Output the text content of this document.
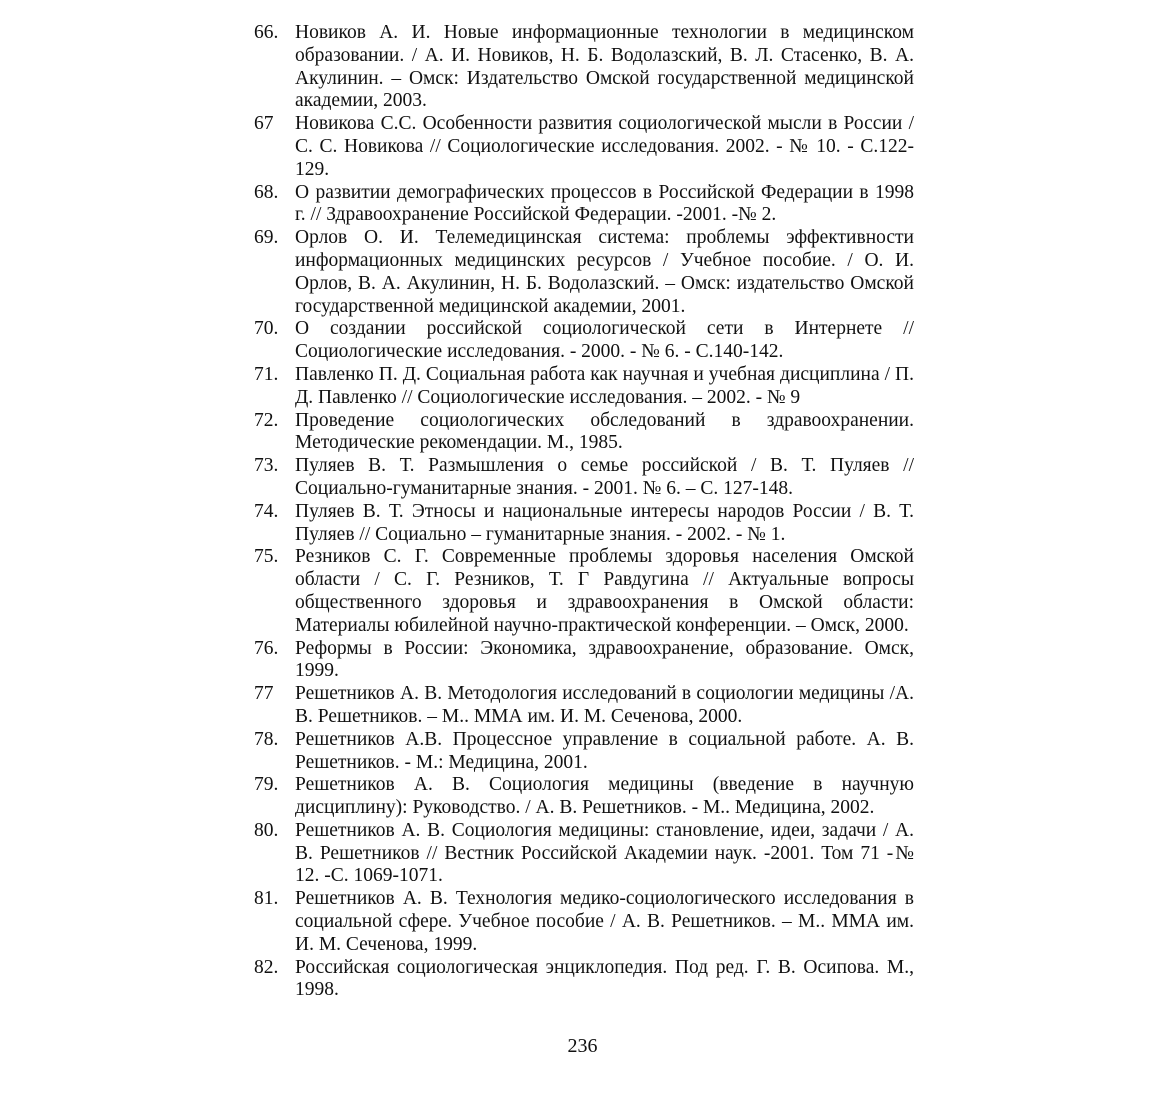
66. Новиков А. И. Новые информационные технологии в медицинском образовании. / А. И. Новиков, Н. Б. Водолазский, В. Л. Стасенко, В. А. Акулинин. – Омск: Издательство Омской государственной медицинской академии, 2003.
67 Новикова С.С. Особенности развития социологической мысли в России / С. С. Новикова // Социологические исследования. 2002. - № 10. - С.122-129.
68. О развитии демографических процессов в Российской Федерации в 1998 г. // Здравоохранение Российской Федерации. -2001. -№ 2.
69. Орлов О. И. Телемедицинская система: проблемы эффективности информационных медицинских ресурсов / Учебное пособие. / О. И. Орлов, В. А. Акулинин, Н. Б. Водолазский. – Омск: издательство Омской государственной медицинской академии, 2001.
70. О создании российской социологической сети в Интернете // Социологические исследования. - 2000. - № 6. - С.140-142.
71. Павленко П. Д. Социальная работа как научная и учебная дисциплина / П. Д. Павленко // Социологические исследования. – 2002. - № 9
72. Проведение социологических обследований в здравоохранении. Методические рекомендации. М., 1985.
73. Пуляев В. Т. Размышления о семье российской / В. Т. Пуляев // Социально-гуманитарные знания. - 2001. № 6. – С. 127-148.
74. Пуляев В. Т. Этносы и национальные интересы народов России / В. Т. Пуляев // Социально – гуманитарные знания. - 2002. - № 1.
75. Резников С. Г. Современные проблемы здоровья населения Омской области / С. Г. Резников, Т. Г Равдугина // Актуальные вопросы общественного здоровья и здравоохранения в Омской области: Материалы юбилейной научно-практической конференции. – Омск, 2000.
76. Реформы в России: Экономика, здравоохранение, образование. Омск, 1999.
77 Решетников А. В. Методология исследований в социологии медицины /А. В. Решетников. – М.. ММА им. И. М. Сеченова, 2000.
78. Решетников А.В. Процессное управление в социальной работе. А. В. Решетников. - М.: Медицина, 2001.
79. Решетников А. В. Социология медицины (введение в научную дисциплину): Руководство. / А. В. Решетников. - М.. Медицина, 2002.
80. Решетников А. В. Социология медицины: становление, идеи, задачи / А. В. Решетников // Вестник Российской Академии наук. -2001. Том 71 -№ 12. -С. 1069-1071.
81. Решетников А. В. Технология медико-социологического исследования в социальной сфере. Учебное пособие / А. В. Решетников. – М.. ММА им. И. М. Сеченова, 1999.
82. Российская социологическая энциклопедия. Под ред. Г. В. Осипова. М., 1998.
236
